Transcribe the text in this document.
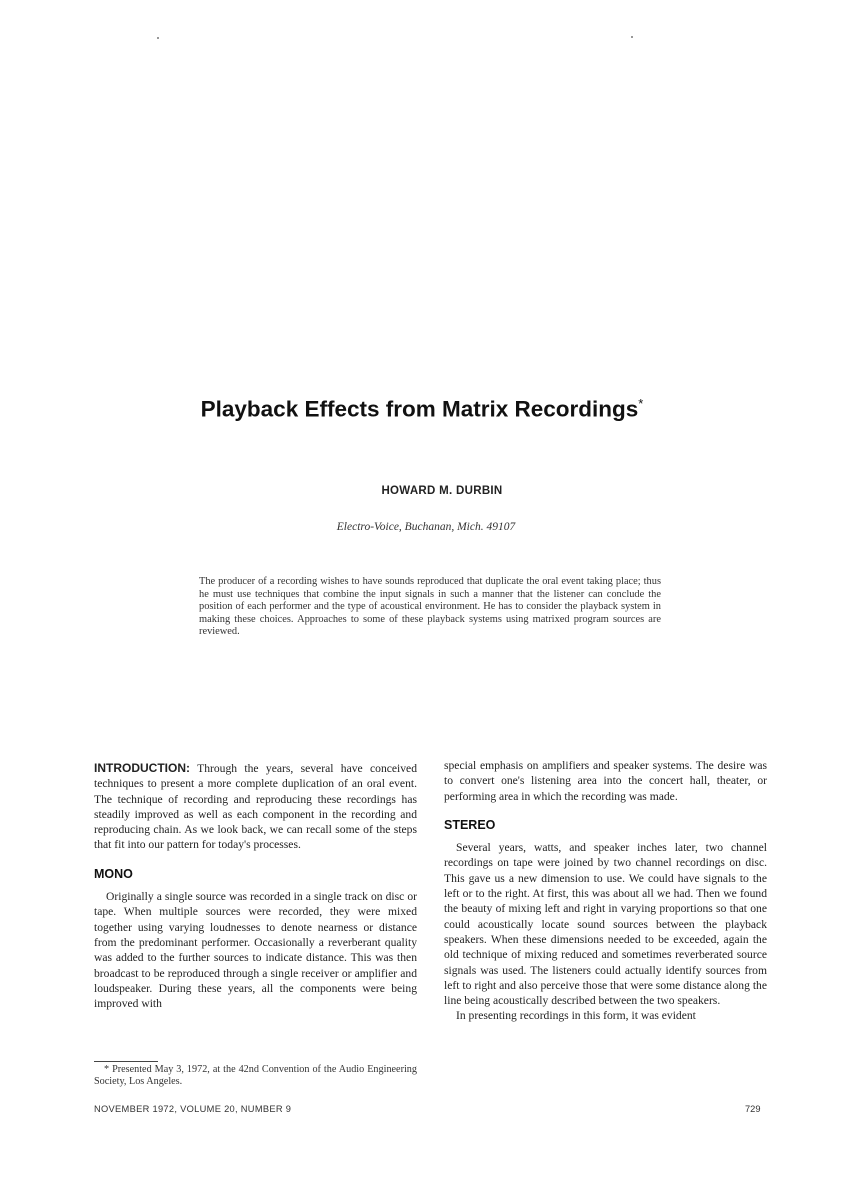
Playback Effects from Matrix Recordings*
HOWARD M. DURBIN
Electro-Voice, Buchanan, Mich. 49107
The producer of a recording wishes to have sounds reproduced that duplicate the oral event taking place; thus he must use techniques that combine the input signals in such a manner that the listener can conclude the position of each performer and the type of acoustical environment. He has to consider the playback system in making these choices. Approaches to some of these playback systems using matrixed program sources are reviewed.

INTRODUCTION: Through the years, several have conceived techniques to present a more complete duplication of an oral event. The technique of recording and reproducing these recordings has steadily improved as well as each component in the recording and reproducing chain. As we look back, we can recall some of the steps that fit into our pattern for today's processes.

MONO

Originally a single source was recorded in a single track on disc or tape. When multiple sources were recorded, they were mixed together using varying loudnesses to denote nearness or distance from the predominant performer. Occasionally a reverberant quality was added to the further sources to indicate distance. This was then broadcast to be reproduced through a single receiver or amplifier and loudspeaker. During these years, all the components were being improved with

special emphasis on amplifiers and speaker systems. The desire was to convert one's listening area into the concert hall, theater, or performing area in which the recording was made.

STEREO

Several years, watts, and speaker inches later, two channel recordings on tape were joined by two channel recordings on disc. This gave us a new dimension to use. We could have signals to the left or to the right. At first, this was about all we had. Then we found the beauty of mixing left and right in varying proportions so that one could acoustically locate sound sources between the playback speakers. When these dimensions needed to be exceeded, again the old technique of mixing reduced and sometimes reverberated source signals was used. The listeners could actually identify sources from left to right and also perceive those that were some distance along the line being acoustically described between the two speakers.

In presenting recordings in this form, it was evident

* Presented May 3, 1972, at the 42nd Convention of the Audio Engineering Society, Los Angeles.
NOVEMBER 1972, VOLUME 20, NUMBER 9	729
